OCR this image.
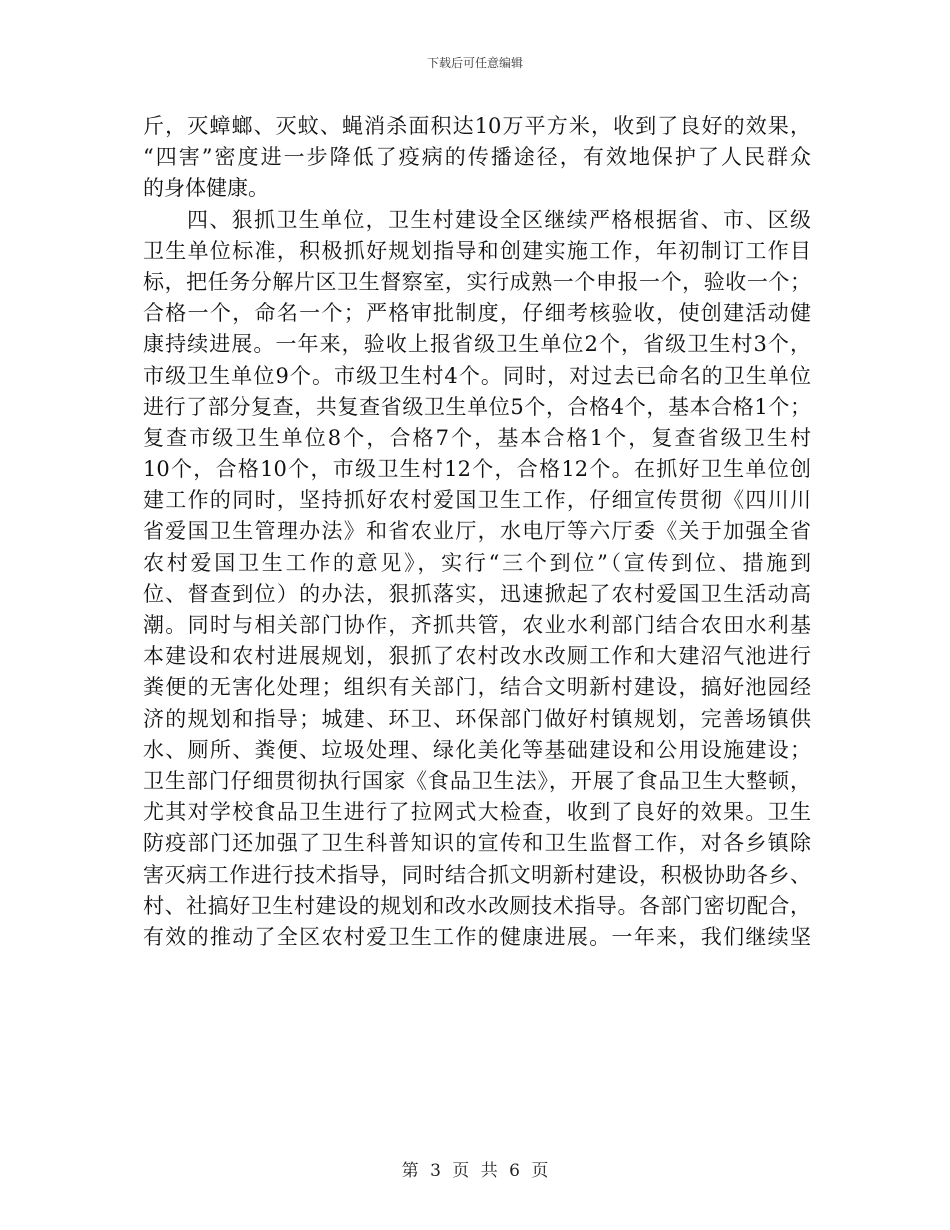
下载后可任意编辑
斤，灭蟑螂、灭蚊、蝇消杀面积达10万平方米，收到了良好的效果，
“四害”密度进一步降低了疫病的传播途径，有效地保护了人民群众
的身体健康。
四、狠抓卫生单位，卫生村建设全区继续严格根据省、市、区级
卫生单位标准，积极抓好规划指导和创建实施工作，年初制订工作目
标，把任务分解片区卫生督察室，实行成熟一个申报一个，验收一个；
合格一个，命名一个；严格审批制度，仔细考核验收，使创建活动健
康持续进展。一年来，验收上报省级卫生单位2个，省级卫生村3个，
市级卫生单位9个。市级卫生村4个。同时，对过去已命名的卫生单位
进行了部分复查，共复查省级卫生单位5个，合格4个，基本合格1个；
复查市级卫生单位8个，合格7个，基本合格1个，复查省级卫生村
10个，合格10个，市级卫生村12个，合格12个。在抓好卫生单位创
建工作的同时，坚持抓好农村爱国卫生工作，仔细宣传贯彻《四川川
省爱国卫生管理办法》和省农业厅，水电厅等六厅委《关于加强全省
农村爱国卫生工作的意见》，实行“三个到位”（宣传到位、措施到
位、督查到位）的办法，狠抓落实，迅速掀起了农村爱国卫生活动高
潮。同时与相关部门协作，齐抓共管，农业水利部门结合农田水利基
本建设和农村进展规划，狠抓了农村改水改厕工作和大建沼气池进行
粪便的无害化处理；组织有关部门，结合文明新村建设，搞好池园经
济的规划和指导；城建、环卫、环保部门做好村镇规划，完善场镇供
水、厕所、粪便、垃圾处理、绿化美化等基础建设和公用设施建设；
卫生部门仔细贯彻执行国家《食品卫生法》，开展了食品卫生大整顿，
尤其对学校食品卫生进行了拉网式大检查，收到了良好的效果。卫生
防疫部门还加强了卫生科普知识的宣传和卫生监督工作，对各乡镇除
害灭病工作进行技术指导，同时结合抓文明新村建设，积极协助各乡、
村、社搞好卫生村建设的规划和改水改厕技术指导。各部门密切配合，
有效的推动了全区农村爱卫生工作的健康进展。一年来，我们继续坚
第 3 页 共 6 页
